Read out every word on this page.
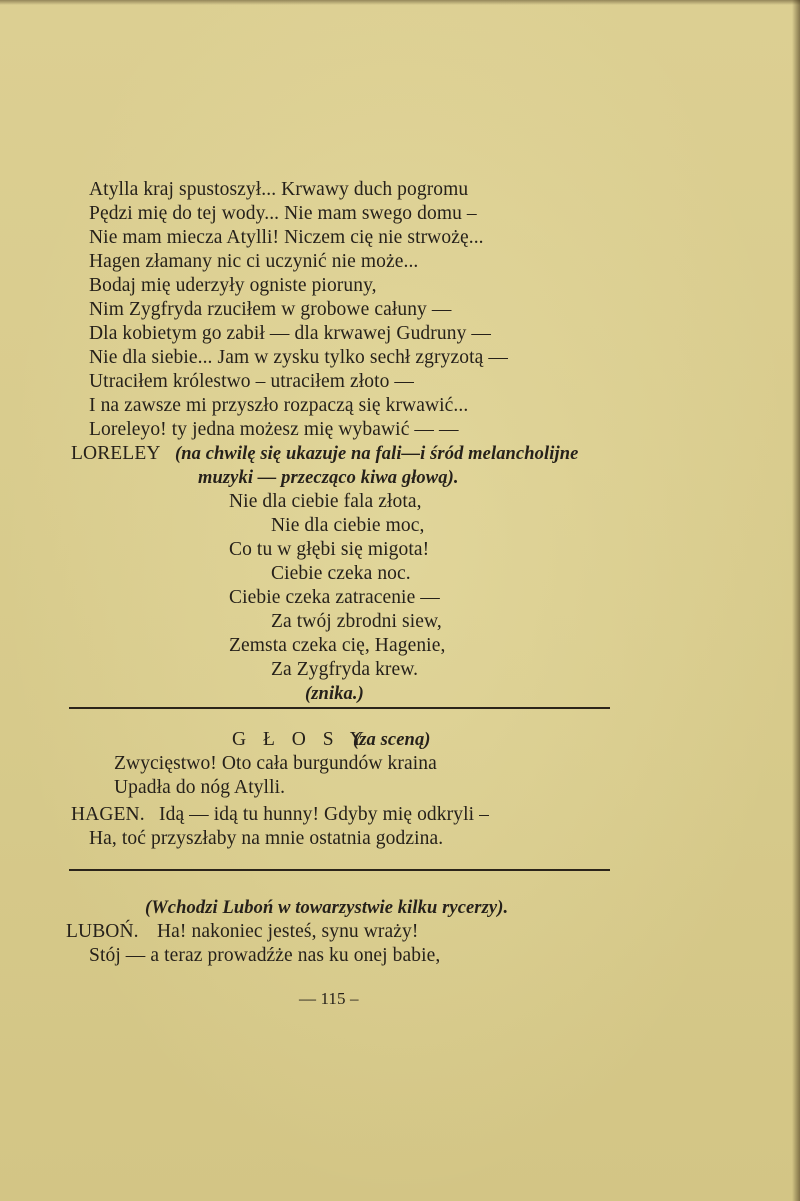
Atylla kraj spustoszył... Krwawy duch pogromu
Pędzi mię do tej wody... Nie mam swego domu –
Nie mam miecza Atylli! Niczem cię nie strwożę...
Hagen złamany nic ci uczynić nie może...
Bodaj mię uderzyły ogniste pioruny,
Nim Zygfryda rzuciłem w grobowe całuny —
Dla kobietym go zabił — dla krwawej Gudruny —
Nie dla siebie... Jam w zysku tylko sechł zgryzotą —
Utraciłem królestwo – utraciłem złoto —
I na zawsze mi przyszło rozpaczą się krwawić...
Loreleyo! ty jedna możesz mię wybawić — —
LORELEY (na chwilę się ukazuje na fali—i śród melancholijne
muzyki — przecząco kiwa głową).
Nie dla ciebie fala złota,
Nie dla ciebie moc,
Co tu w głębi się migota!
Ciebie czeka noc.
Ciebie czeka zatracenie —
Za twój zbrodni siew,
Zemsta czeka cię, Hagenie,
Za Zygfryda krew.
(znika.)
G Ł O S Y
(za sceną)
Zwycięstwo! Oto cała burgundów kraina
Upadła do nóg Atylli.
HAGEN. Idą — idą tu hunny! Gdyby mię odkryli –
Ha, toć przyszłaby na mnie ostatnia godzina.
(Wchodzi Luboń w towarzystwie kilku rycerzy).
LUBOŃ. Ha! nakoniec jesteś, synu wraży!
Stój — a teraz prowadźże nas ku onej babie,
— 115 –
